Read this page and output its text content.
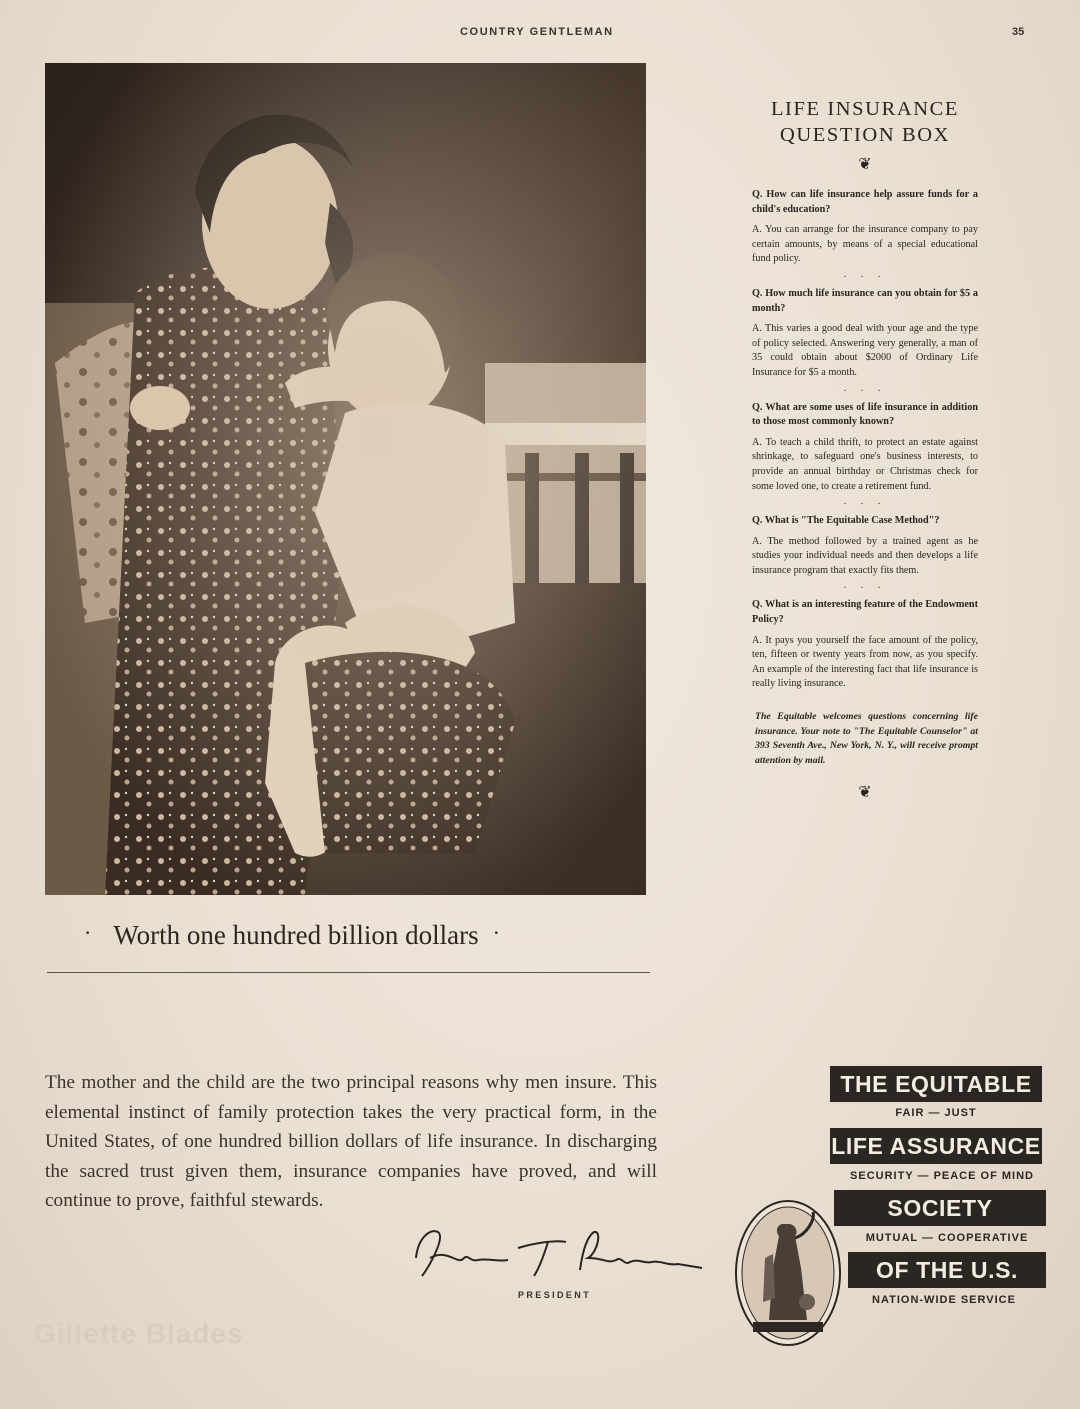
COUNTRY GENTLEMAN	35
· Worth one hundred billion dollars ·
The mother and the child are the two principal reasons why men insure. This elemental instinct of family protection takes the very practical form, in the United States, of one hundred billion dollars of life insurance. In discharging the sacred trust given them, insurance companies have proved, and will continue to prove, faithful stewards.
PRESIDENT
Gillette Blades
LIFE INSURANCE
QUESTION BOX
❦
Q. How can life insurance help assure funds for a child's education?
A. You can arrange for the insurance company to pay certain amounts, by means of a special educational fund policy.
. . .
Q. How much life insurance can you obtain for $5 a month?
A. This varies a good deal with your age and the type of policy selected. Answering very generally, a man of 35 could obtain about $2000 of Ordinary Life Insurance for $5 a month.
. . .
Q. What are some uses of life insurance in addition to those most commonly known?
A. To teach a child thrift, to protect an estate against shrinkage, to safeguard one's business interests, to provide an annual birthday or Christmas check for some loved one, to create a retirement fund.
. . .
Q. What is "The Equitable Case Method"?
A. The method followed by a trained agent as he studies your individual needs and then develops a life insurance program that exactly fits them.
. . .
Q. What is an interesting feature of the Endowment Policy?
A. It pays you yourself the face amount of the policy, ten, fifteen or twenty years from now, as you specify. An example of the interesting fact that life insurance is really living insurance.
The Equitable welcomes questions concerning life insurance. Your note to "The Equitable Counselor" at 393 Seventh Ave., New York, N. Y., will receive prompt attention by mail.
❦
THE EQUITABLE
FAIR — JUST
LIFE ASSURANCE
SECURITY — PEACE OF MIND
SOCIETY
MUTUAL — COOPERATIVE
OF THE U.S.
NATION-WIDE SERVICE
